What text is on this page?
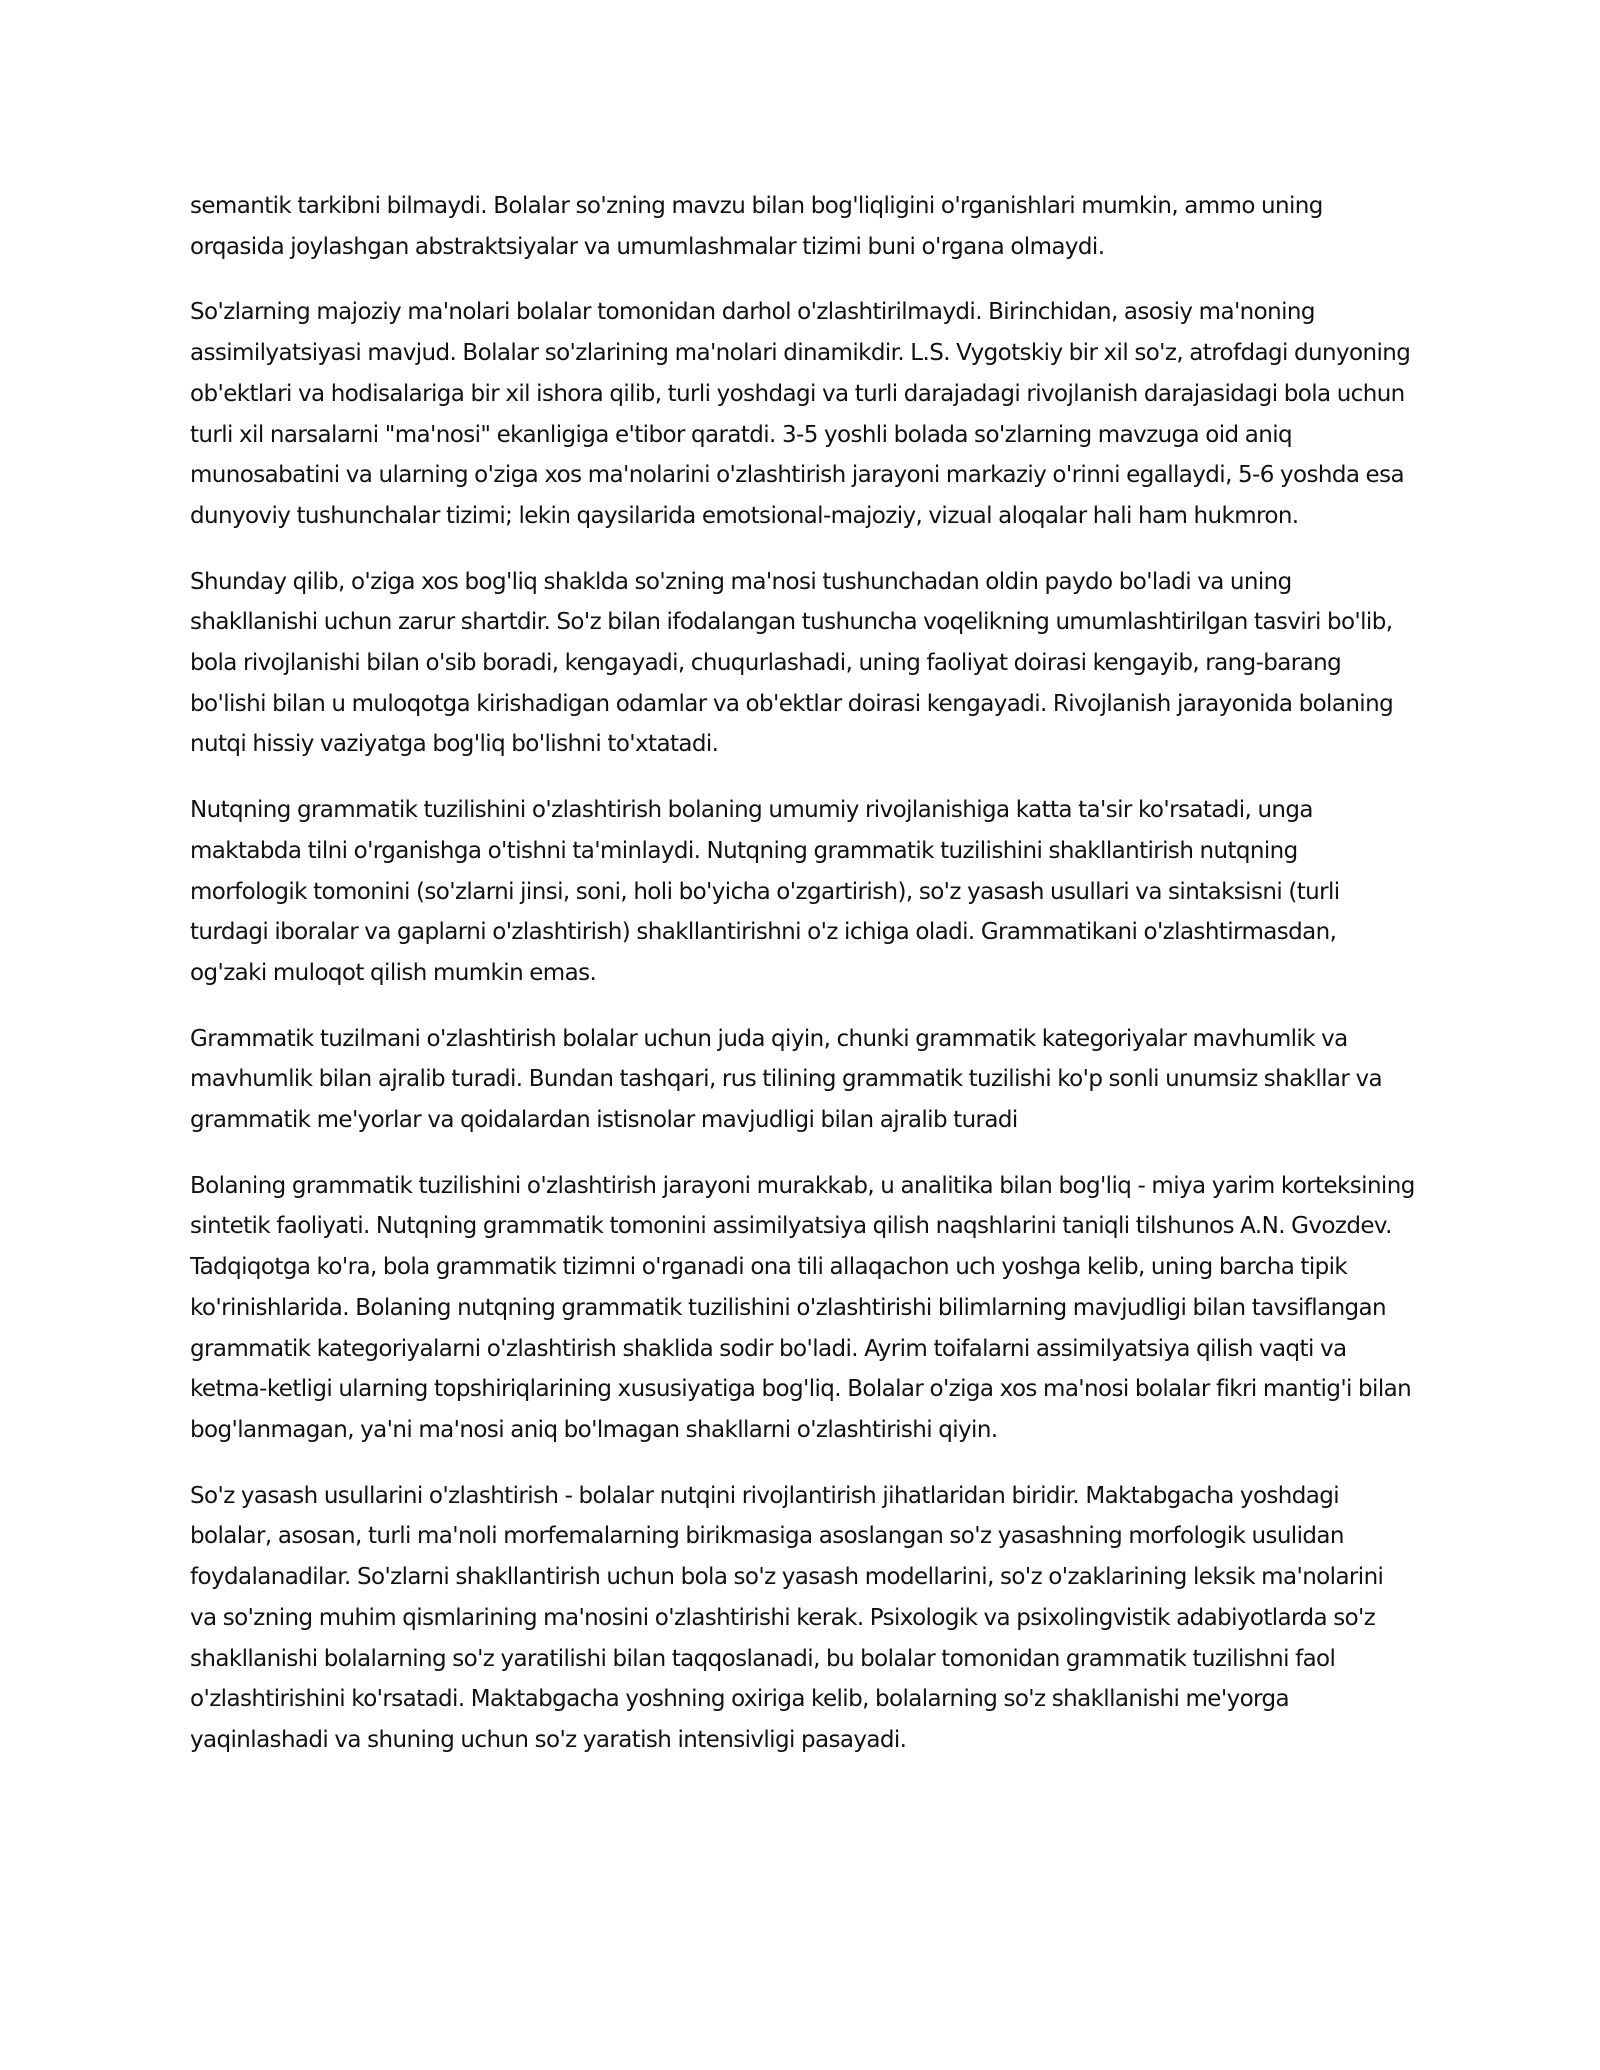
semantik tarkibni bilmaydi. Bolalar so'zning mavzu bilan bog'liqligini o'rganishlari mumkin, ammo uning orqasida joylashgan abstraktsiyalar va umumlashmalar tizimi buni o'rgana olmaydi.

So'zlarning majoziy ma'nolari bolalar tomonidan darhol o'zlashtirilmaydi. Birinchidan, asosiy ma'noning assimilyatsiyasi mavjud. Bolalar so'zlarining ma'nolari dinamikdir. L.S. Vygotskiy bir xil so'z, atrofdagi dunyoning ob'ektlari va hodisalariga bir xil ishora qilib, turli yoshdagi va turli darajadagi rivojlanish darajasidagi bola uchun turli xil narsalarni "ma'nosi" ekanligiga e'tibor qaratdi. 3-5 yoshli bolada so'zlarning mavzuga oid aniq munosabatini va ularning o'ziga xos ma'nolarini o'zlashtirish jarayoni markaziy o'rinni egallaydi, 5-6 yoshda esa dunyoviy tushunchalar tizimi; lekin qaysilarida emotsional-majoziy, vizual aloqalar hali ham hukmron.

Shunday qilib, o'ziga xos bog'liq shaklda so'zning ma'nosi tushunchadan oldin paydo bo'ladi va uning shakllanishi uchun zarur shartdir. So'z bilan ifodalangan tushuncha voqelikning umumlashtirilgan tasviri bo'lib, bola rivojlanishi bilan o'sib boradi, kengayadi, chuqurlashadi, uning faoliyat doirasi kengayib, rang-barang bo'lishi bilan u muloqotga kirishadigan odamlar va ob'ektlar doirasi kengayadi. Rivojlanish jarayonida bolaning nutqi hissiy vaziyatga bog'liq bo'lishni to'xtatadi.

Nutqning grammatik tuzilishini o'zlashtirish bolaning umumiy rivojlanishiga katta ta'sir ko'rsatadi, unga maktabda tilni o'rganishga o'tishni ta'minlaydi. Nutqning grammatik tuzilishini shakllantirish nutqning morfologik tomonini (so'zlarni jinsi, soni, holi bo'yicha o'zgartirish), so'z yasash usullari va sintaksisni (turli turdagi iboralar va gaplarni o'zlashtirish) shakllantirishni o'z ichiga oladi. Grammatikani o'zlashtirmasdan, og'zaki muloqot qilish mumkin emas.

Grammatik tuzilmani o'zlashtirish bolalar uchun juda qiyin, chunki grammatik kategoriyalar mavhumlik va mavhumlik bilan ajralib turadi. Bundan tashqari, rus tilining grammatik tuzilishi ko'p sonli unumsiz shakllar va grammatik me'yorlar va qoidalardan istisnolar mavjudligi bilan ajralib turadi

Bolaning grammatik tuzilishini o'zlashtirish jarayoni murakkab, u analitika bilan bog'liq - miya yarim korteksining sintetik faoliyati. Nutqning grammatik tomonini assimilyatsiya qilish naqshlarini taniqli tilshunos A.N. Gvozdev. Tadqiqotga ko'ra, bola grammatik tizimni o'rganadi ona tili allaqachon uch yoshga kelib, uning barcha tipik ko'rinishlarida. Bolaning nutqning grammatik tuzilishini o'zlashtirishi bilimlarning mavjudligi bilan tavsiflangan grammatik kategoriyalarni o'zlashtirish shaklida sodir bo'ladi. Ayrim toifalarni assimilyatsiya qilish vaqti va ketma-ketligi ularning topshiriqlarining xususiyatiga bog'liq. Bolalar o'ziga xos ma'nosi bolalar fikri mantig'i bilan bog'lanmagan, ya'ni ma'nosi aniq bo'lmagan shakllarni o'zlashtirishi qiyin.

So'z yasash usullarini o'zlashtirish - bolalar nutqini rivojlantirish jihatlaridan biridir. Maktabgacha yoshdagi bolalar, asosan, turli ma'noli morfemalarning birikmasiga asoslangan so'z yasashning morfologik usulidan foydalanadilar. So'zlarni shakllantirish uchun bola so'z yasash modellarini, so'z o'zaklarining leksik ma'nolarini va so'zning muhim qismlarining ma'nosini o'zlashtirishi kerak. Psixologik va psixolingvistik adabiyotlarda so'z shakllanishi bolalarning so'z yaratilishi bilan taqqoslanadi, bu bolalar tomonidan grammatik tuzilishni faol o'zlashtirishini ko'rsatadi. Maktabgacha yoshning oxiriga kelib, bolalarning so'z shakllanishi me'yorga yaqinlashadi va shuning uchun so'z yaratish intensivligi pasayadi.
